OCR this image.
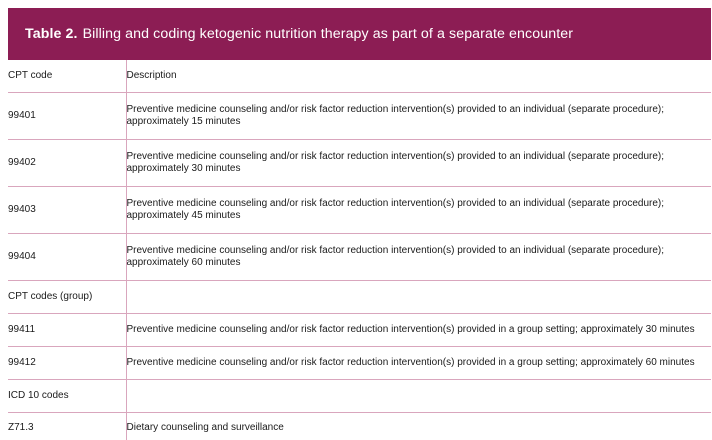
Table 2. Billing and coding ketogenic nutrition therapy as part of a separate encounter
CPT code	Description
99401	Preventive medicine counseling and/or risk factor reduction intervention(s) provided to an individual (separate procedure); approximately 15 minutes
99402	Preventive medicine counseling and/or risk factor reduction intervention(s) provided to an individual (separate procedure); approximately 30 minutes
99403	Preventive medicine counseling and/or risk factor reduction intervention(s) provided to an individual (separate procedure); approximately 45 minutes
99404	Preventive medicine counseling and/or risk factor reduction intervention(s) provided to an individual (separate procedure); approximately 60 minutes
CPT codes (group)	
99411	Preventive medicine counseling and/or risk factor reduction intervention(s) provided in a group setting; approximately 30 minutes
99412	Preventive medicine counseling and/or risk factor reduction intervention(s) provided in a group setting; approximately 60 minutes
ICD 10 codes	
Z71.3	Dietary counseling and surveillance
